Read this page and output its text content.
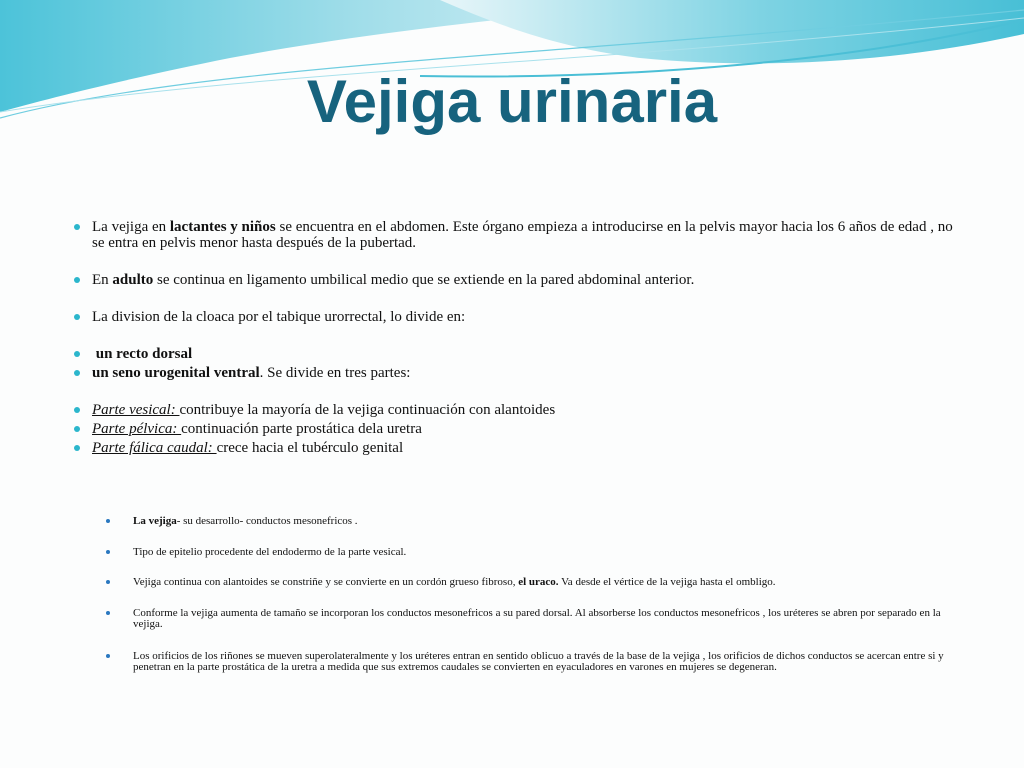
Vejiga urinaria
La vejiga en lactantes y niños se encuentra en el abdomen. Este órgano empieza a introducirse en la pelvis mayor hacia los 6 años de edad , no se entra en pelvis menor hasta después de la pubertad.
En adulto se continua en ligamento umbilical medio que se extiende en la pared abdominal anterior.
La division de la cloaca por el tabique urorrectal, lo divide en:
un recto dorsal
un seno urogenital ventral. Se divide en tres partes:
Parte vesical: contribuye la mayoría de la vejiga continuación con alantoides
Parte pélvica: continuación parte prostática dela uretra
Parte fálica caudal: crece hacia el tubérculo genital
La vejiga- su desarrollo- conductos mesonefricos .
Tipo de epitelio procedente del endodermo de la parte vesical.
Vejiga continua con alantoides se constriñe y se convierte en un cordón grueso fibroso, el uraco. Va desde el vértice de la vejiga hasta el ombligo.
Conforme la vejiga aumenta de tamaño se incorporan los conductos mesonefricos a su pared dorsal. Al absorberse los conductos mesonefricos , los uréteres se abren por separado en la vejiga.
Los orificios de los riñones se mueven superolateralmente y los uréteres entran en sentido oblicuo a través de la base de la vejiga , los orificios de dichos conductos se acercan entre si y penetran en la parte prostática de la uretra a medida que sus extremos caudales se convierten en eyaculadores en varones en mujeres se degeneran.
